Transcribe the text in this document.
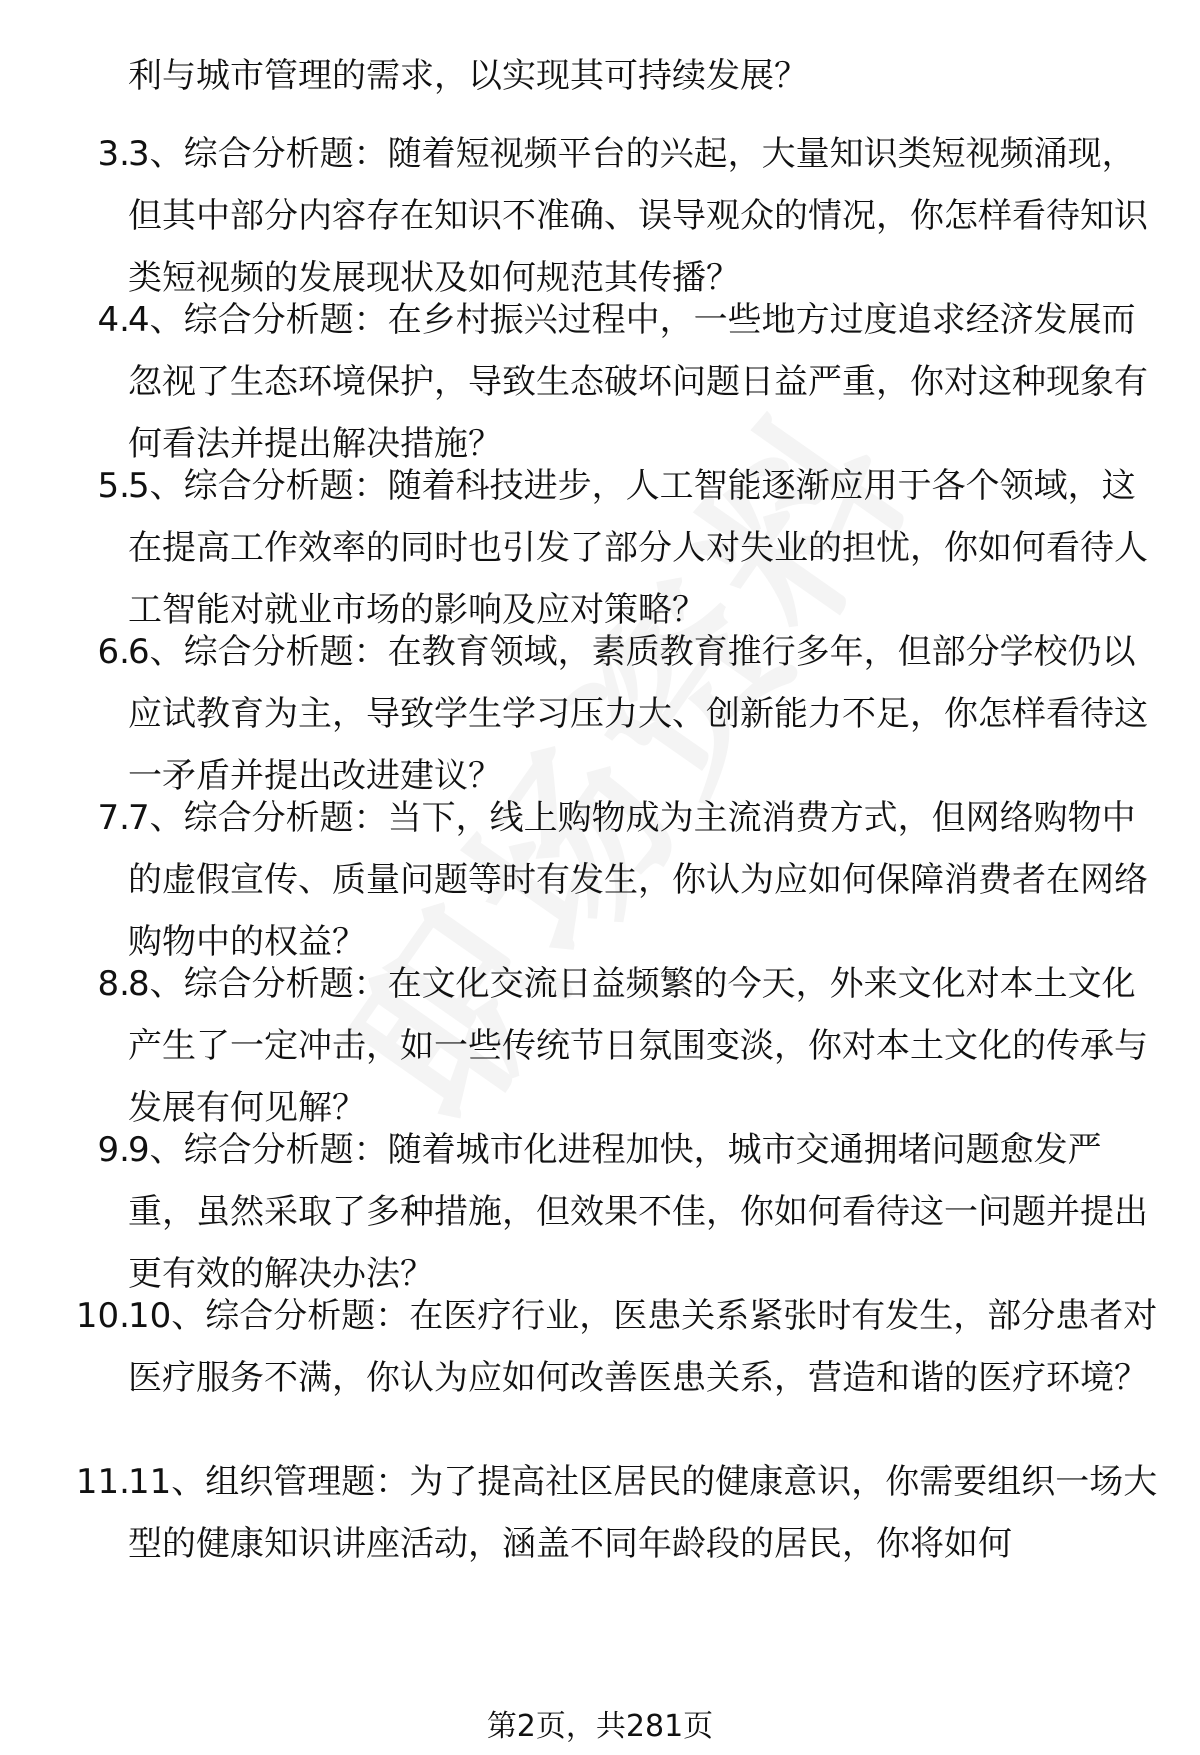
利与城市管理的需求，以实现其可持续发展？
3.
3、综合分析题：随着短视频平台的兴起，大量知识类短视频涌现，但其中部分内容存在知识不准确、误导观众的情况，你怎样看待知识类短视频的发展现状及如何规范其传播？
4.
4、综合分析题：在乡村振兴过程中，一些地方过度追求经济发展而忽视了生态环境保护，导致生态破坏问题日益严重，你对这种现象有何看法并提出解决措施？
5.
5、综合分析题：随着科技进步，人工智能逐渐应用于各个领域，这在提高工作效率的同时也引发了部分人对失业的担忧，你如何看待人工智能对就业市场的影响及应对策略？
6.
6、综合分析题：在教育领域，素质教育推行多年，但部分学校仍以应试教育为主，导致学生学习压力大、创新能力不足，你怎样看待这一矛盾并提出改进建议？
7.
7、综合分析题：当下，线上购物成为主流消费方式，但网络购物中的虚假宣传、质量问题等时有发生，你认为应如何保障消费者在网络购物中的权益？
8.
8、综合分析题：在文化交流日益频繁的今天，外来文化对本土文化产生了一定冲击，如一些传统节日氛围变淡，你对本土文化的传承与发展有何见解？
9.
9、综合分析题：随着城市化进程加快，城市交通拥堵问题愈发严重，虽然采取了多种措施，但效果不佳，你如何看待这一问题并提出更有效的解决办法？
10.
10、综合分析题：在医疗行业，医患关系紧张时有发生，部分患者对医疗服务不满，你认为应如何改善医患关系，营造和谐的医疗环境？
11.
11、组织管理题：为了提高社区居民的健康意识，你需要组织一场大型的健康知识讲座活动，涵盖不同年龄段的居民，你将如何
第2页，共281页
